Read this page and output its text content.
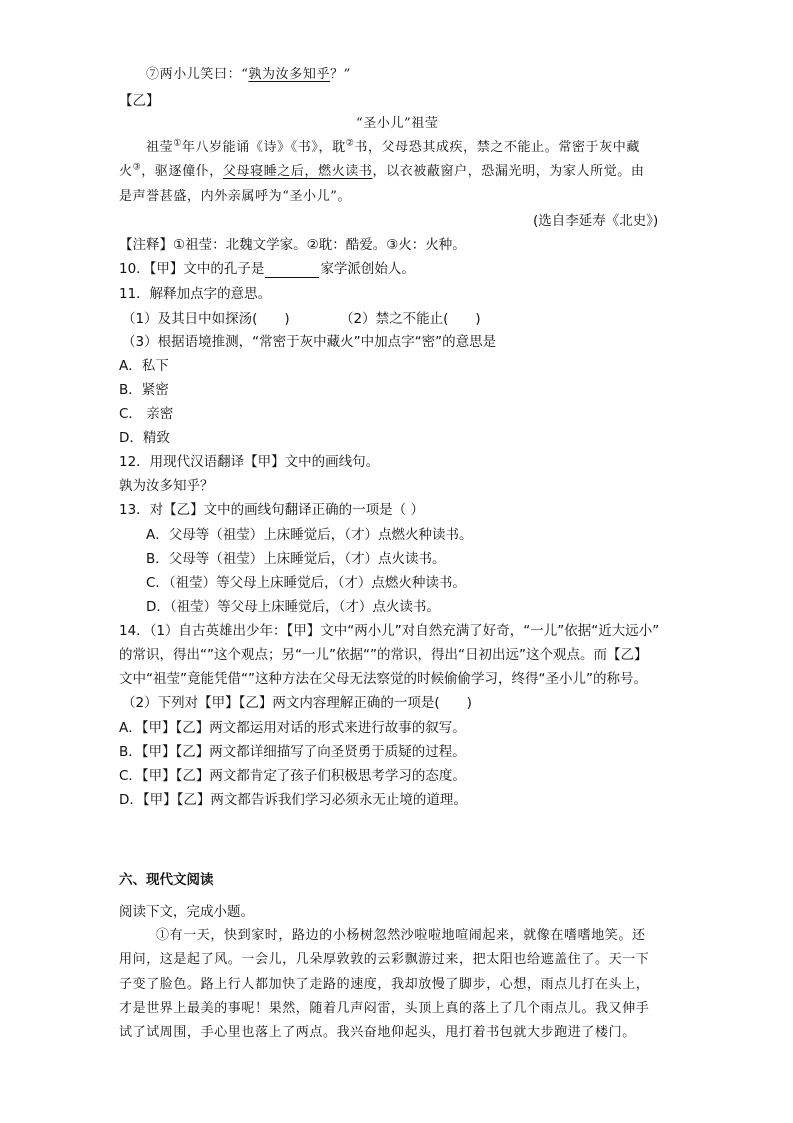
⑦两小儿笑曰：“孰为汝多知乎？”
【乙】
“圣小儿”祖莹
祖莹①年八岁能诵《诗》《书》，耽②书，父母恐其成疾，禁之不能止。常密于灰中藏
火③，驱逐僮仆，父母寝睡之后，燃火读书，以衣被蔽窗户，恐漏光明，为家人所觉。由
是声誉甚盛，内外亲属呼为“圣小儿”。
(选自李延寿《北史》)
【注释】①祖莹：北魏文学家。②耽：酷爱。③火：火种。
10．【甲】文中的孔子是	家学派创始人。
11．解释加点字的意思。
（1）及其日中如探汤(　　)	（2）禁之不能止(　　)
（3）根据语境推测，“常密于灰中藏火”中加点字“密”的意思是
A．私下
B．紧密
C． 亲密
D．精致
12．用现代汉语翻译【甲】文中的画线句。
孰为汝多知乎？
13．对【乙】文中的画线句翻译正确的一项是（ ）
A．父母等（祖莹）上床睡觉后，（才）点燃火种读书。
B．父母等（祖莹）上床睡觉后，（才）点火读书。
C．（祖莹）等父母上床睡觉后，（才）点燃火种读书。
D．（祖莹）等父母上床睡觉后，（才）点火读书。
14．（1）自古英雄出少年：【甲】文中“两小儿”对自然充满了好奇，“一儿”依据“近大远小”
的常识，得出“”这个观点；另“一儿”依据“”的常识，得出“日初出远”这个观点。而【乙】
文中“祖莹”竟能凭借“”这种方法在父母无法察觉的时候偷偷学习，终得“圣小儿”的称号。
（2）下列对【甲】【乙】两文内容理解正确的一项是(　　)
A．【甲】【乙】两文都运用对话的形式来进行故事的叙写。
B．【甲】【乙】两文都详细描写了向圣贤勇于质疑的过程。
C．【甲】【乙】两文都肯定了孩子们积极思考学习的态度。
D．【甲】【乙】两文都告诉我们学习必须永无止境的道理。
六、现代文阅读
阅读下文，完成小题。
①有一天，快到家时，路边的小杨树忽然沙啦啦地喧闹起来，就像在嗜嗜地笑。还
用问，这是起了风。一会儿，几朵厚敦敦的云彩飘游过来，把太阳也给遮盖住了。天一下
子变了脸色。路上行人都加快了走路的速度，我却放慢了脚步，心想，雨点儿打在头上，
才是世界上最美的事呢！果然，随着几声闷雷，头顶上真的落上了几个雨点儿。我又伸手
试了试周围，手心里也落上了两点。我兴奋地仰起头，甩打着书包就大步跑进了楼门。
